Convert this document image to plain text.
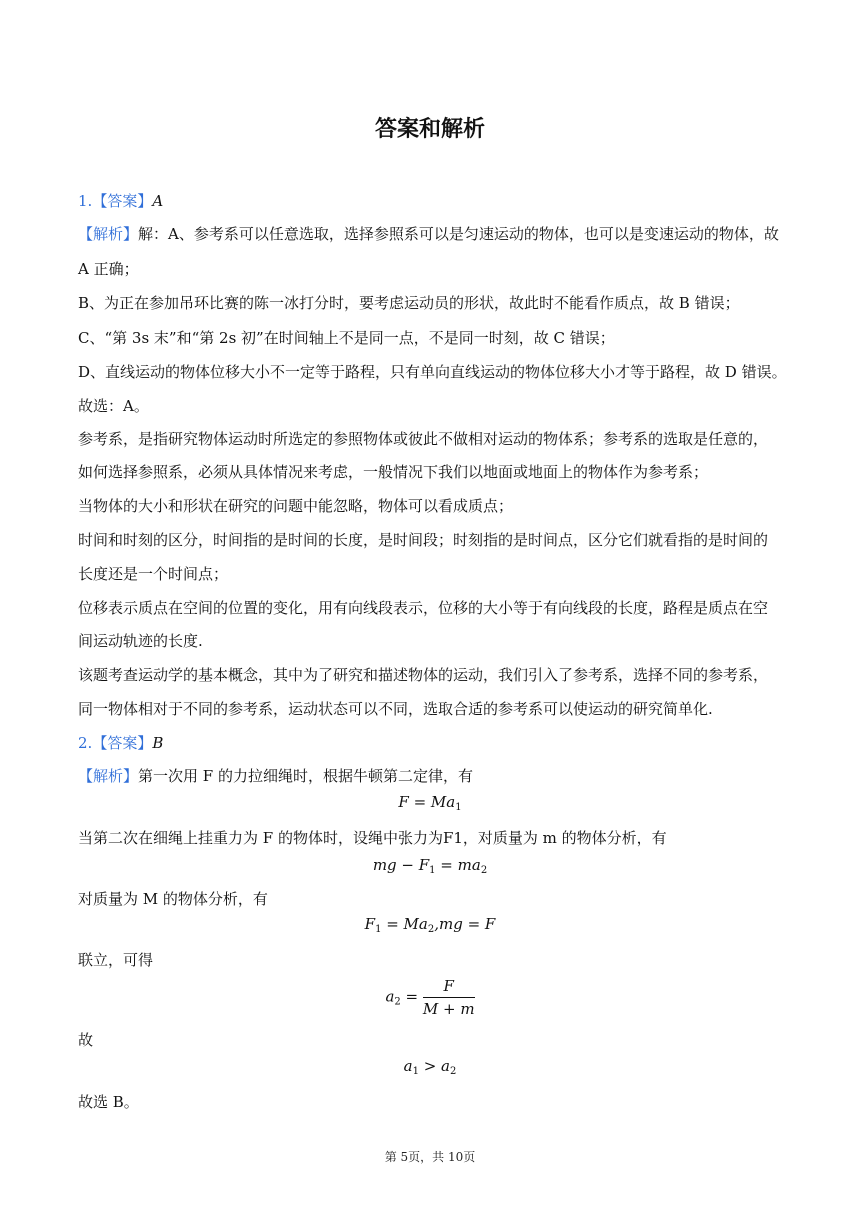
答案和解析
1.【答案】A
【解析】解：A、参考系可以任意选取，选择参照系可以是匀速运动的物体，也可以是变速运动的物体，故
A 正确；
B、为正在参加吊环比赛的陈一冰打分时，要考虑运动员的形状，故此时不能看作质点，故 B 错误；
C、“第 3s 末”和“第 2s 初”在时间轴上不是同一点，不是同一时刻，故 C 错误；
D、直线运动的物体位移大小不一定等于路程，只有单向直线运动的物体位移大小才等于路程，故 D 错误。
故选：A。
参考系，是指研究物体运动时所选定的参照物体或彼此不做相对运动的物体系；参考系的选取是任意的，
如何选择参照系，必须从具体情况来考虑，一般情况下我们以地面或地面上的物体作为参考系；
当物体的大小和形状在研究的问题中能忽略，物体可以看成质点；
时间和时刻的区分，时间指的是时间的长度，是时间段；时刻指的是时间点，区分它们就看指的是时间的
长度还是一个时间点；
位移表示质点在空间的位置的变化，用有向线段表示，位移的大小等于有向线段的长度，路程是质点在空
间运动轨迹的长度.
该题考查运动学的基本概念，其中为了研究和描述物体的运动，我们引入了参考系，选择不同的参考系，
同一物体相对于不同的参考系，运动状态可以不同，选取合适的参考系可以使运动的研究简单化.
2.【答案】B
【解析】第一次用 F 的力拉细绳时，根据牛顿第二定律，有
$F = Ma_1$
当第二次在细绳上挂重力为 F 的物体时，设绳中张力为F1，对质量为 m 的物体分析，有
mg − $F_1 = ma_2$
对质量为 M 的物体分析，有
$F_1 = Ma_2,mg = F$
联立，可得
$a_2 = \frac{F}{M + m}$
故
$a_1 > a_2$
故选 B。
第 5页，共 10页
